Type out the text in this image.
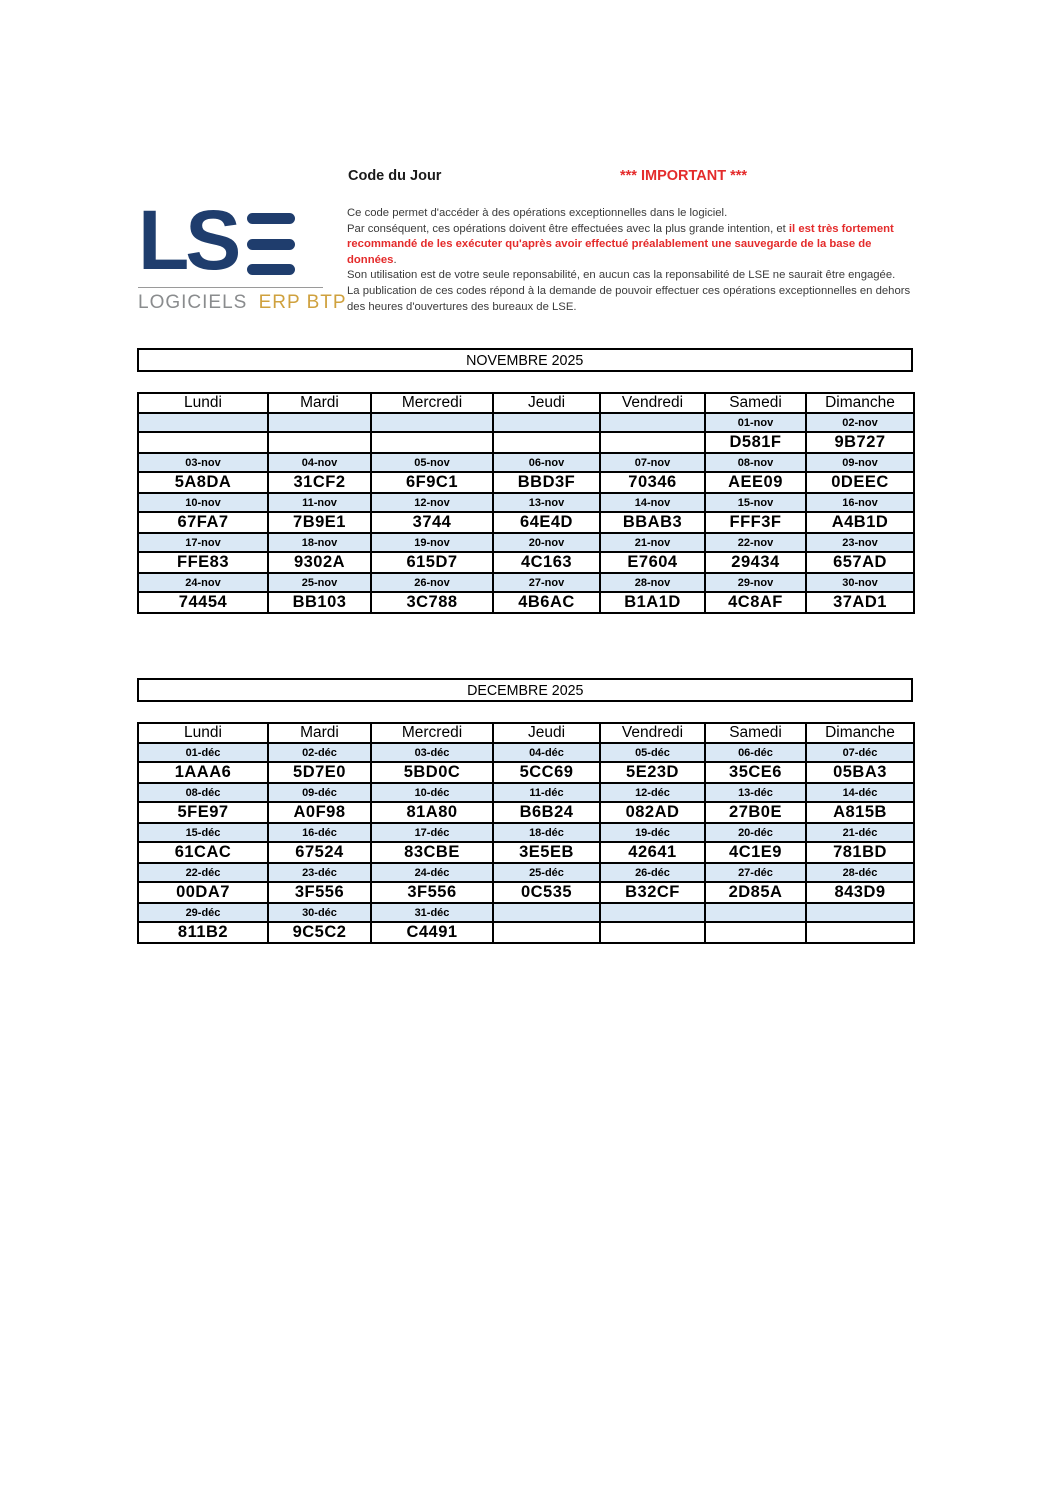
LS
LOGICIELS ERP BTP
Code du Jour	*** IMPORTANT ***
Ce code permet d'accéder à des opérations exceptionnelles dans le logiciel.
Par conséquent, ces opérations doivent être effectuées avec la plus grande intention, et il est très fortement recommandé de les exécuter qu'après avoir effectué préalablement une sauvegarde de la base de données.
Son utilisation est de votre seule reponsabilité, en aucun cas la reponsabilité de LSE ne saurait être engagée.
La publication de ces codes répond à la demande de pouvoir effectuer ces opérations exceptionnelles en dehors des heures d'ouvertures des bureaux de LSE.
NOVEMBRE 2025
Lundi	Mardi	Mercredi	Jeudi	Vendredi	Samedi	Dimanche
					01-nov	02-nov
					D581F	9B727
03-nov	04-nov	05-nov	06-nov	07-nov	08-nov	09-nov
5A8DA	31CF2	6F9C1	BBD3F	70346	AEE09	0DEEC
10-nov	11-nov	12-nov	13-nov	14-nov	15-nov	16-nov
67FA7	7B9E1	3744	64E4D	BBAB3	FFF3F	A4B1D
17-nov	18-nov	19-nov	20-nov	21-nov	22-nov	23-nov
FFE83	9302A	615D7	4C163	E7604	29434	657AD
24-nov	25-nov	26-nov	27-nov	28-nov	29-nov	30-nov
74454	BB103	3C788	4B6AC	B1A1D	4C8AF	37AD1
DECEMBRE 2025
Lundi	Mardi	Mercredi	Jeudi	Vendredi	Samedi	Dimanche
01-déc	02-déc	03-déc	04-déc	05-déc	06-déc	07-déc
1AAA6	5D7E0	5BD0C	5CC69	5E23D	35CE6	05BA3
08-déc	09-déc	10-déc	11-déc	12-déc	13-déc	14-déc
5FE97	A0F98	81A80	B6B24	082AD	27B0E	A815B
15-déc	16-déc	17-déc	18-déc	19-déc	20-déc	21-déc
61CAC	67524	83CBE	3E5EB	42641	4C1E9	781BD
22-déc	23-déc	24-déc	25-déc	26-déc	27-déc	28-déc
00DA7	3F556	3F556	0C535	B32CF	2D85A	843D9
29-déc	30-déc	31-déc				
811B2	9C5C2	C4491				
